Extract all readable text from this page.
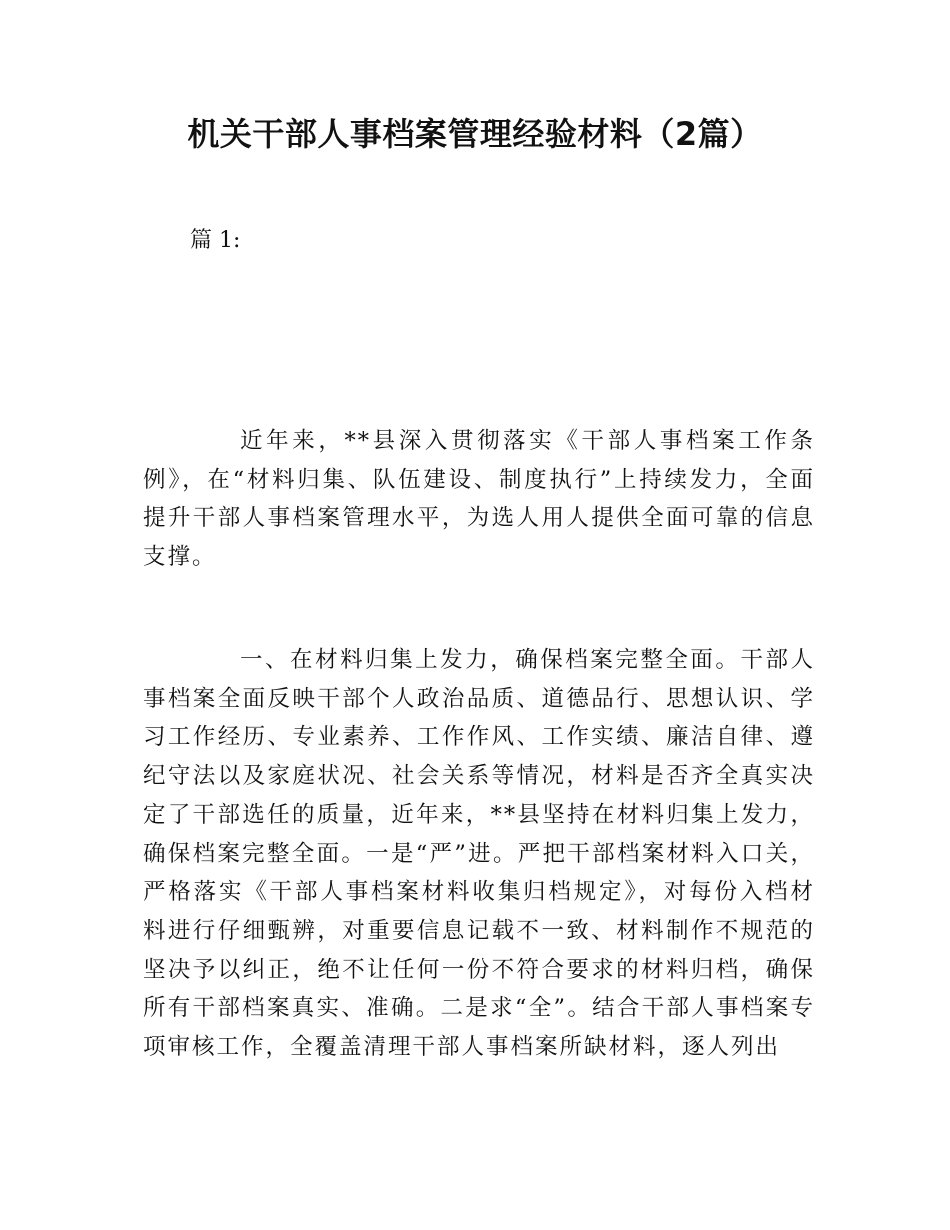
机关干部人事档案管理经验材料（2篇）

篇 1:

近年来，**县深入贯彻落实《干部人事档案工作条例》，在“材料归集、队伍建设、制度执行”上持续发力，全面提升干部人事档案管理水平，为选人用人提供全面可靠的信息支撑。

一、在材料归集上发力，确保档案完整全面。干部人事档案全面反映干部个人政治品质、道德品行、思想认识、学习工作经历、专业素养、工作作风、工作实绩、廉洁自律、遵纪守法以及家庭状况、社会关系等情况，材料是否齐全真实决定了干部选任的质量，近年来，**县坚持在材料归集上发力，确保档案完整全面。一是“严”进。严把干部档案材料入口关，严格落实《干部人事档案材料收集归档规定》，对每份入档材料进行仔细甄辨，对重要信息记载不一致、材料制作不规范的坚决予以纠正，绝不让任何一份不符合要求的材料归档，确保所有干部档案真实、准确。二是求“全”。结合干部人事档案专项审核工作，全覆盖清理干部人事档案所缺材料，逐人列出
